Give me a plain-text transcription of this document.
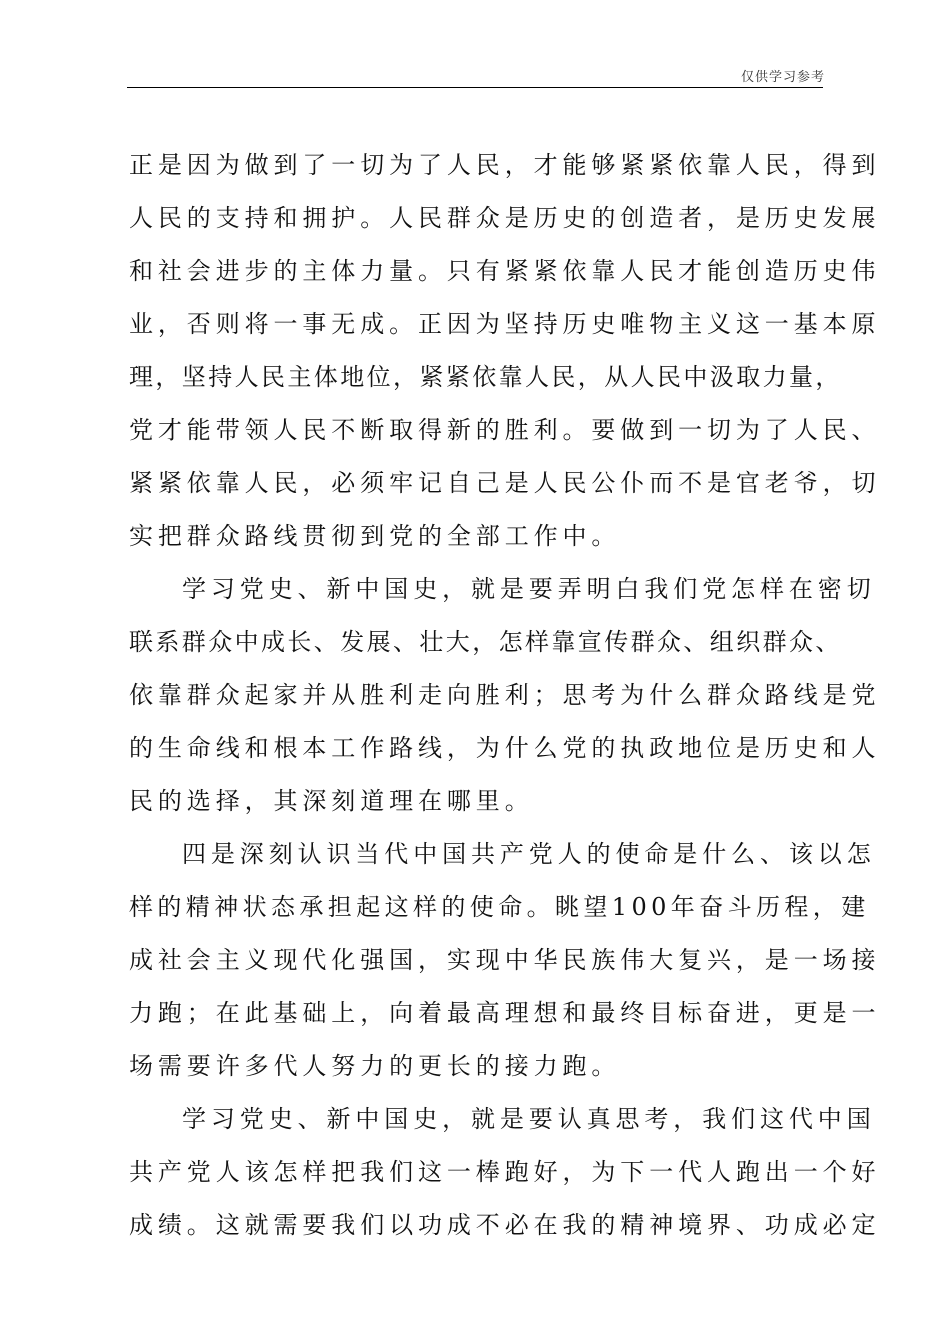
仅供学习参考
正是因为做到了一切为了人民，才能够紧紧依靠人民，得到
人民的支持和拥护。人民群众是历史的创造者，是历史发展
和社会进步的主体力量。只有紧紧依靠人民才能创造历史伟
业，否则将一事无成。正因为坚持历史唯物主义这一基本原
理，坚持人民主体地位，紧紧依靠人民，从人民中汲取力量，
党才能带领人民不断取得新的胜利。要做到一切为了人民、
紧紧依靠人民，必须牢记自己是人民公仆而不是官老爷，切
实把群众路线贯彻到党的全部工作中。
学习党史、新中国史，就是要弄明白我们党怎样在密切
联系群众中成长、发展、壮大，怎样靠宣传群众、组织群众、
依靠群众起家并从胜利走向胜利；思考为什么群众路线是党
的生命线和根本工作路线，为什么党的执政地位是历史和人
民的选择，其深刻道理在哪里。
四是深刻认识当代中国共产党人的使命是什么、该以怎
样的精神状态承担起这样的使命。眺望100年奋斗历程，建
成社会主义现代化强国，实现中华民族伟大复兴，是一场接
力跑；在此基础上，向着最高理想和最终目标奋进，更是一
场需要许多代人努力的更长的接力跑。
学习党史、新中国史，就是要认真思考，我们这代中国
共产党人该怎样把我们这一棒跑好，为下一代人跑出一个好
成绩。这就需要我们以功成不必在我的精神境界、功成必定
